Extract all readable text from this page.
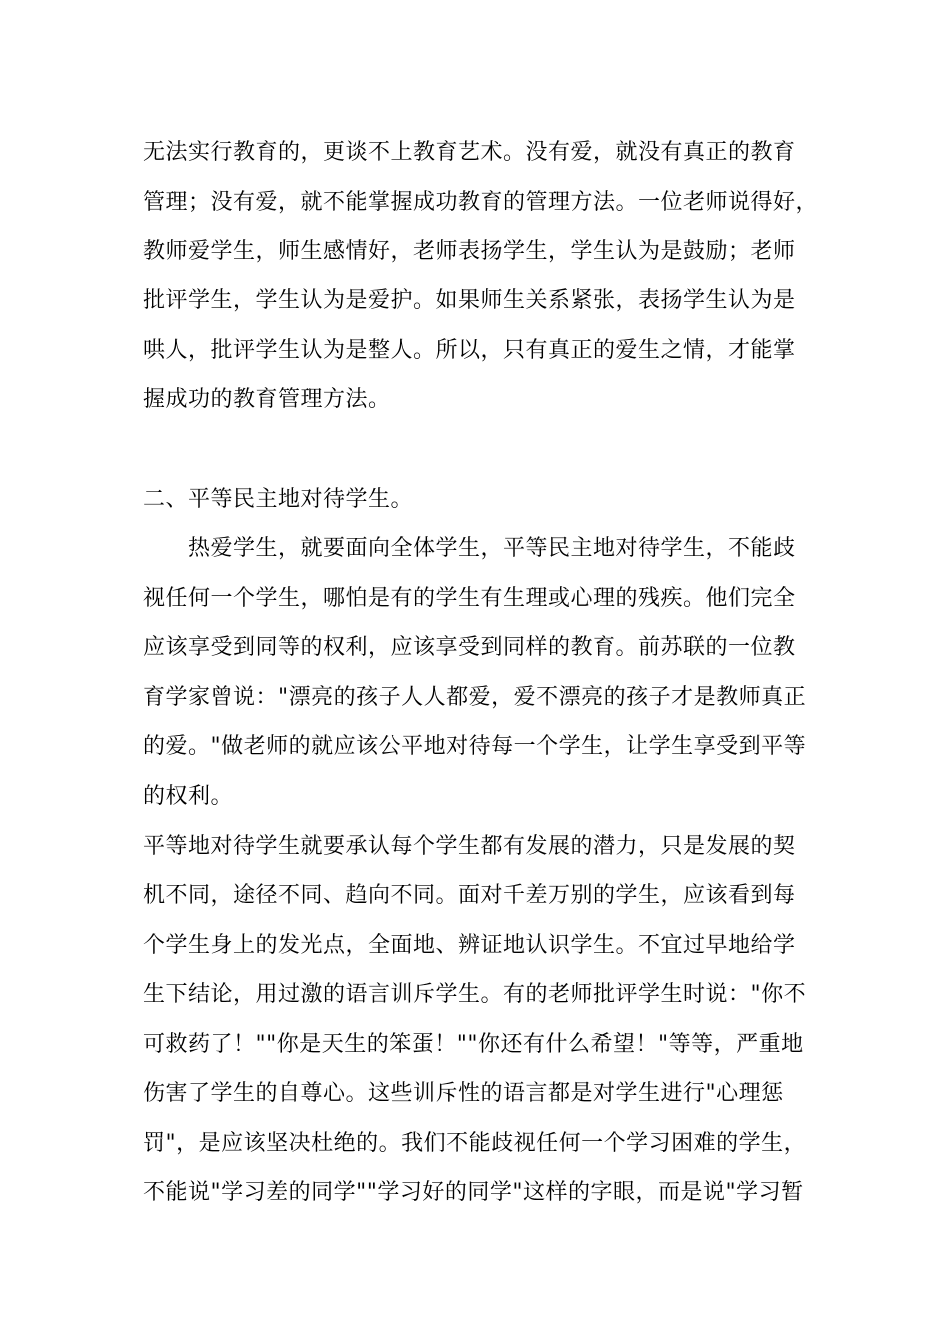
无法实行教育的，更谈不上教育艺术。没有爱，就没有真正的教育
管理；没有爱，就不能掌握成功教育的管理方法。一位老师说得好，
教师爱学生，师生感情好，老师表扬学生，学生认为是鼓励；老师
批评学生，学生认为是爱护。如果师生关系紧张，表扬学生认为是
哄人，批评学生认为是整人。所以，只有真正的爱生之情，才能掌
握成功的教育管理方法。
二、平等民主地对待学生。
热爱学生，就要面向全体学生，平等民主地对待学生，不能歧
视任何一个学生，哪怕是有的学生有生理或心理的残疾。他们完全
应该享受到同等的权利，应该享受到同样的教育。前苏联的一位教
育学家曾说："漂亮的孩子人人都爱，爱不漂亮的孩子才是教师真正
的爱。"做老师的就应该公平地对待每一个学生，让学生享受到平等
的权利。
平等地对待学生就要承认每个学生都有发展的潜力，只是发展的契
机不同，途径不同、趋向不同。面对千差万别的学生，应该看到每
个学生身上的发光点，全面地、辨证地认识学生。不宜过早地给学
生下结论，用过激的语言训斥学生。有的老师批评学生时说："你不
可救药了！""你是天生的笨蛋！""你还有什么希望！"等等，严重地
伤害了学生的自尊心。这些训斥性的语言都是对学生进行"心理惩
罚"，是应该坚决杜绝的。我们不能歧视任何一个学习困难的学生，
不能说"学习差的同学""学习好的同学"这样的字眼，而是说"学习暂
